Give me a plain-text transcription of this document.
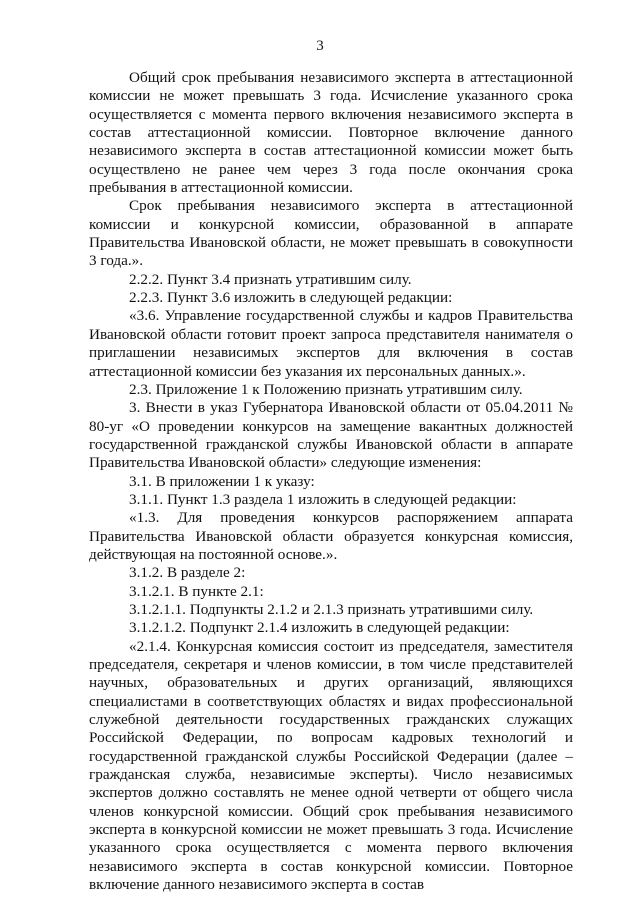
3

Общий срок пребывания независимого эксперта в аттестационной комиссии не может превышать 3 года. Исчисление указанного срока осуществляется с момента первого включения независимого эксперта в состав аттестационной комиссии. Повторное включение данного независимого эксперта в состав аттестационной комиссии может быть осуществлено не ранее чем через 3 года после окончания срока пребывания в аттестационной комиссии.

Срок пребывания независимого эксперта в аттестационной комиссии и конкурсной комиссии, образованной в аппарате Правительства Ивановской области, не может превышать в совокупности 3 года.».

2.2.2. Пункт 3.4 признать утратившим силу.

2.2.3. Пункт 3.6 изложить в следующей редакции:

«3.6. Управление государственной службы и кадров Правительства Ивановской области готовит проект запроса представителя нанимателя о приглашении независимых экспертов для включения в состав аттестационной комиссии без указания их персональных данных.».

2.3. Приложение 1 к Положению признать утратившим силу.

3. Внести в указ Губернатора Ивановской области от 05.04.2011 № 80-уг «О проведении конкурсов на замещение вакантных должностей государственной гражданской службы Ивановской области в аппарате Правительства Ивановской области» следующие изменения:

3.1. В приложении 1 к указу:

3.1.1. Пункт 1.3 раздела 1 изложить в следующей редакции:

«1.3. Для проведения конкурсов распоряжением аппарата Правительства Ивановской области образуется конкурсная комиссия, действующая на постоянной основе.».

3.1.2. В разделе 2:

3.1.2.1. В пункте 2.1:

3.1.2.1.1. Подпункты 2.1.2 и 2.1.3 признать утратившими силу.

3.1.2.1.2. Подпункт 2.1.4 изложить в следующей редакции:

«2.1.4. Конкурсная комиссия состоит из председателя, заместителя председателя, секретаря и членов комиссии, в том числе представителей научных, образовательных и других организаций, являющихся специалистами в соответствующих областях и видах профессиональной служебной деятельности государственных гражданских служащих Российской Федерации, по вопросам кадровых технологий и государственной гражданской службы Российской Федерации (далее – гражданская служба, независимые эксперты). Число независимых экспертов должно составлять не менее одной четверти от общего числа членов конкурсной комиссии. Общий срок пребывания независимого эксперта в конкурсной комиссии не может превышать 3 года. Исчисление указанного срока осуществляется с момента первого включения независимого эксперта в состав конкурсной комиссии. Повторное включение данного независимого эксперта в состав
